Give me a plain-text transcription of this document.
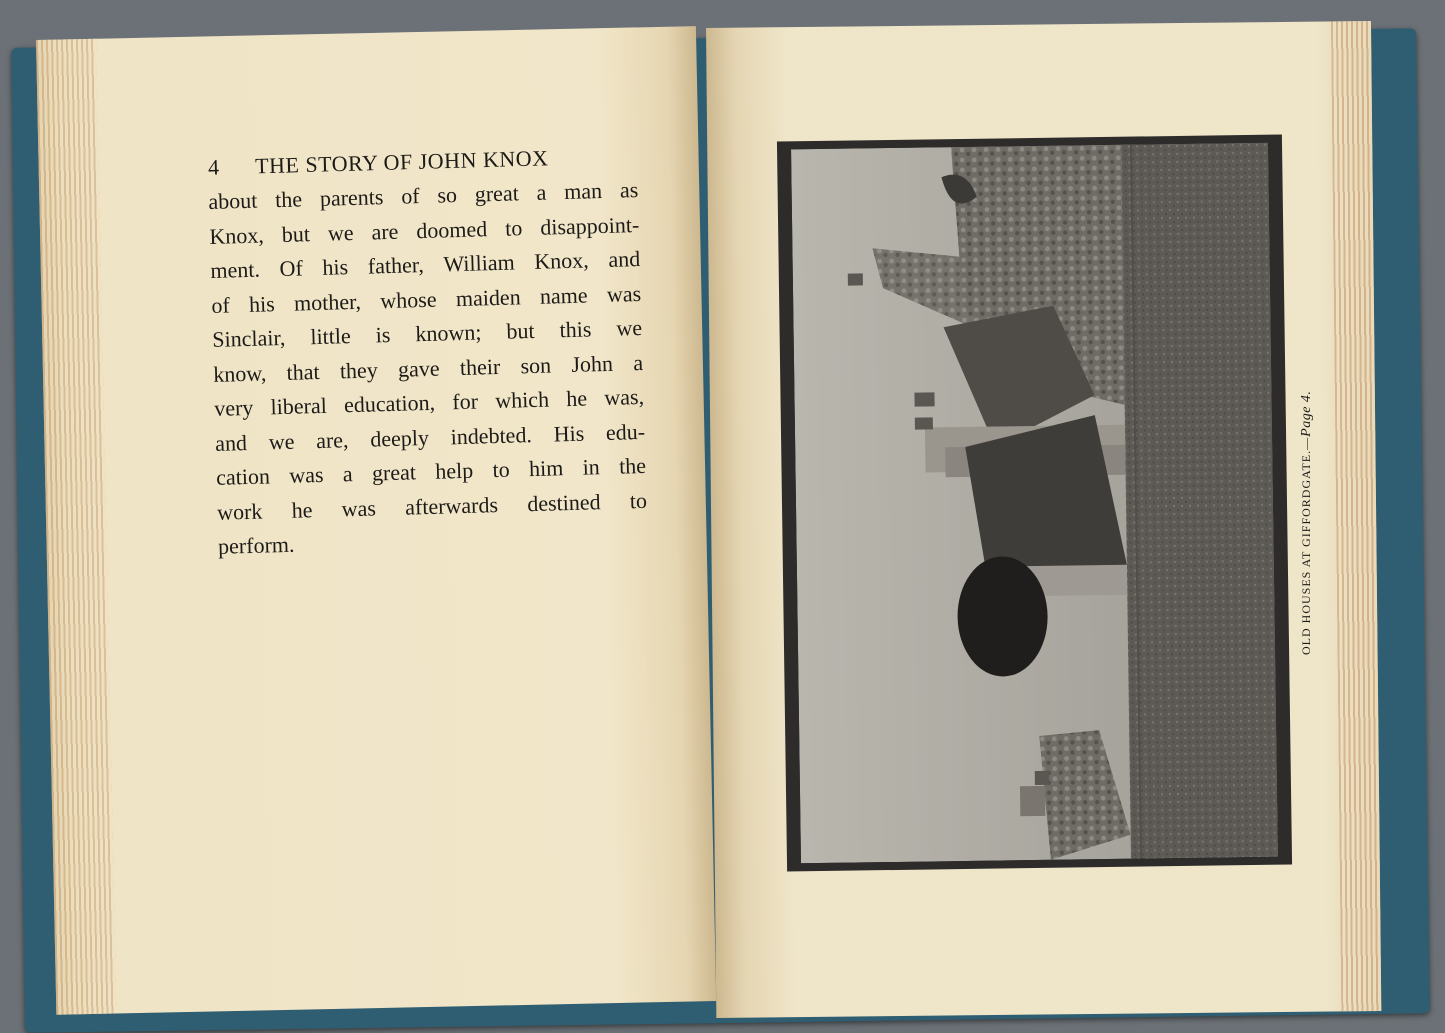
4 THE STORY OF JOHN KNOX
about the parents of so great a man as
Knox, but we are doomed to disappoint-
ment. Of his father, William Knox, and
of his mother, whose maiden name was
Sinclair, little is known; but this we
know, that they gave their son John a
very liberal education, for which he was,
and we are, deeply indebted. His edu-
cation was a great help to him in the
work he was afterwards destined to
perform.	OLD HOUSES AT GIFFORDGATE.—Page 4.
